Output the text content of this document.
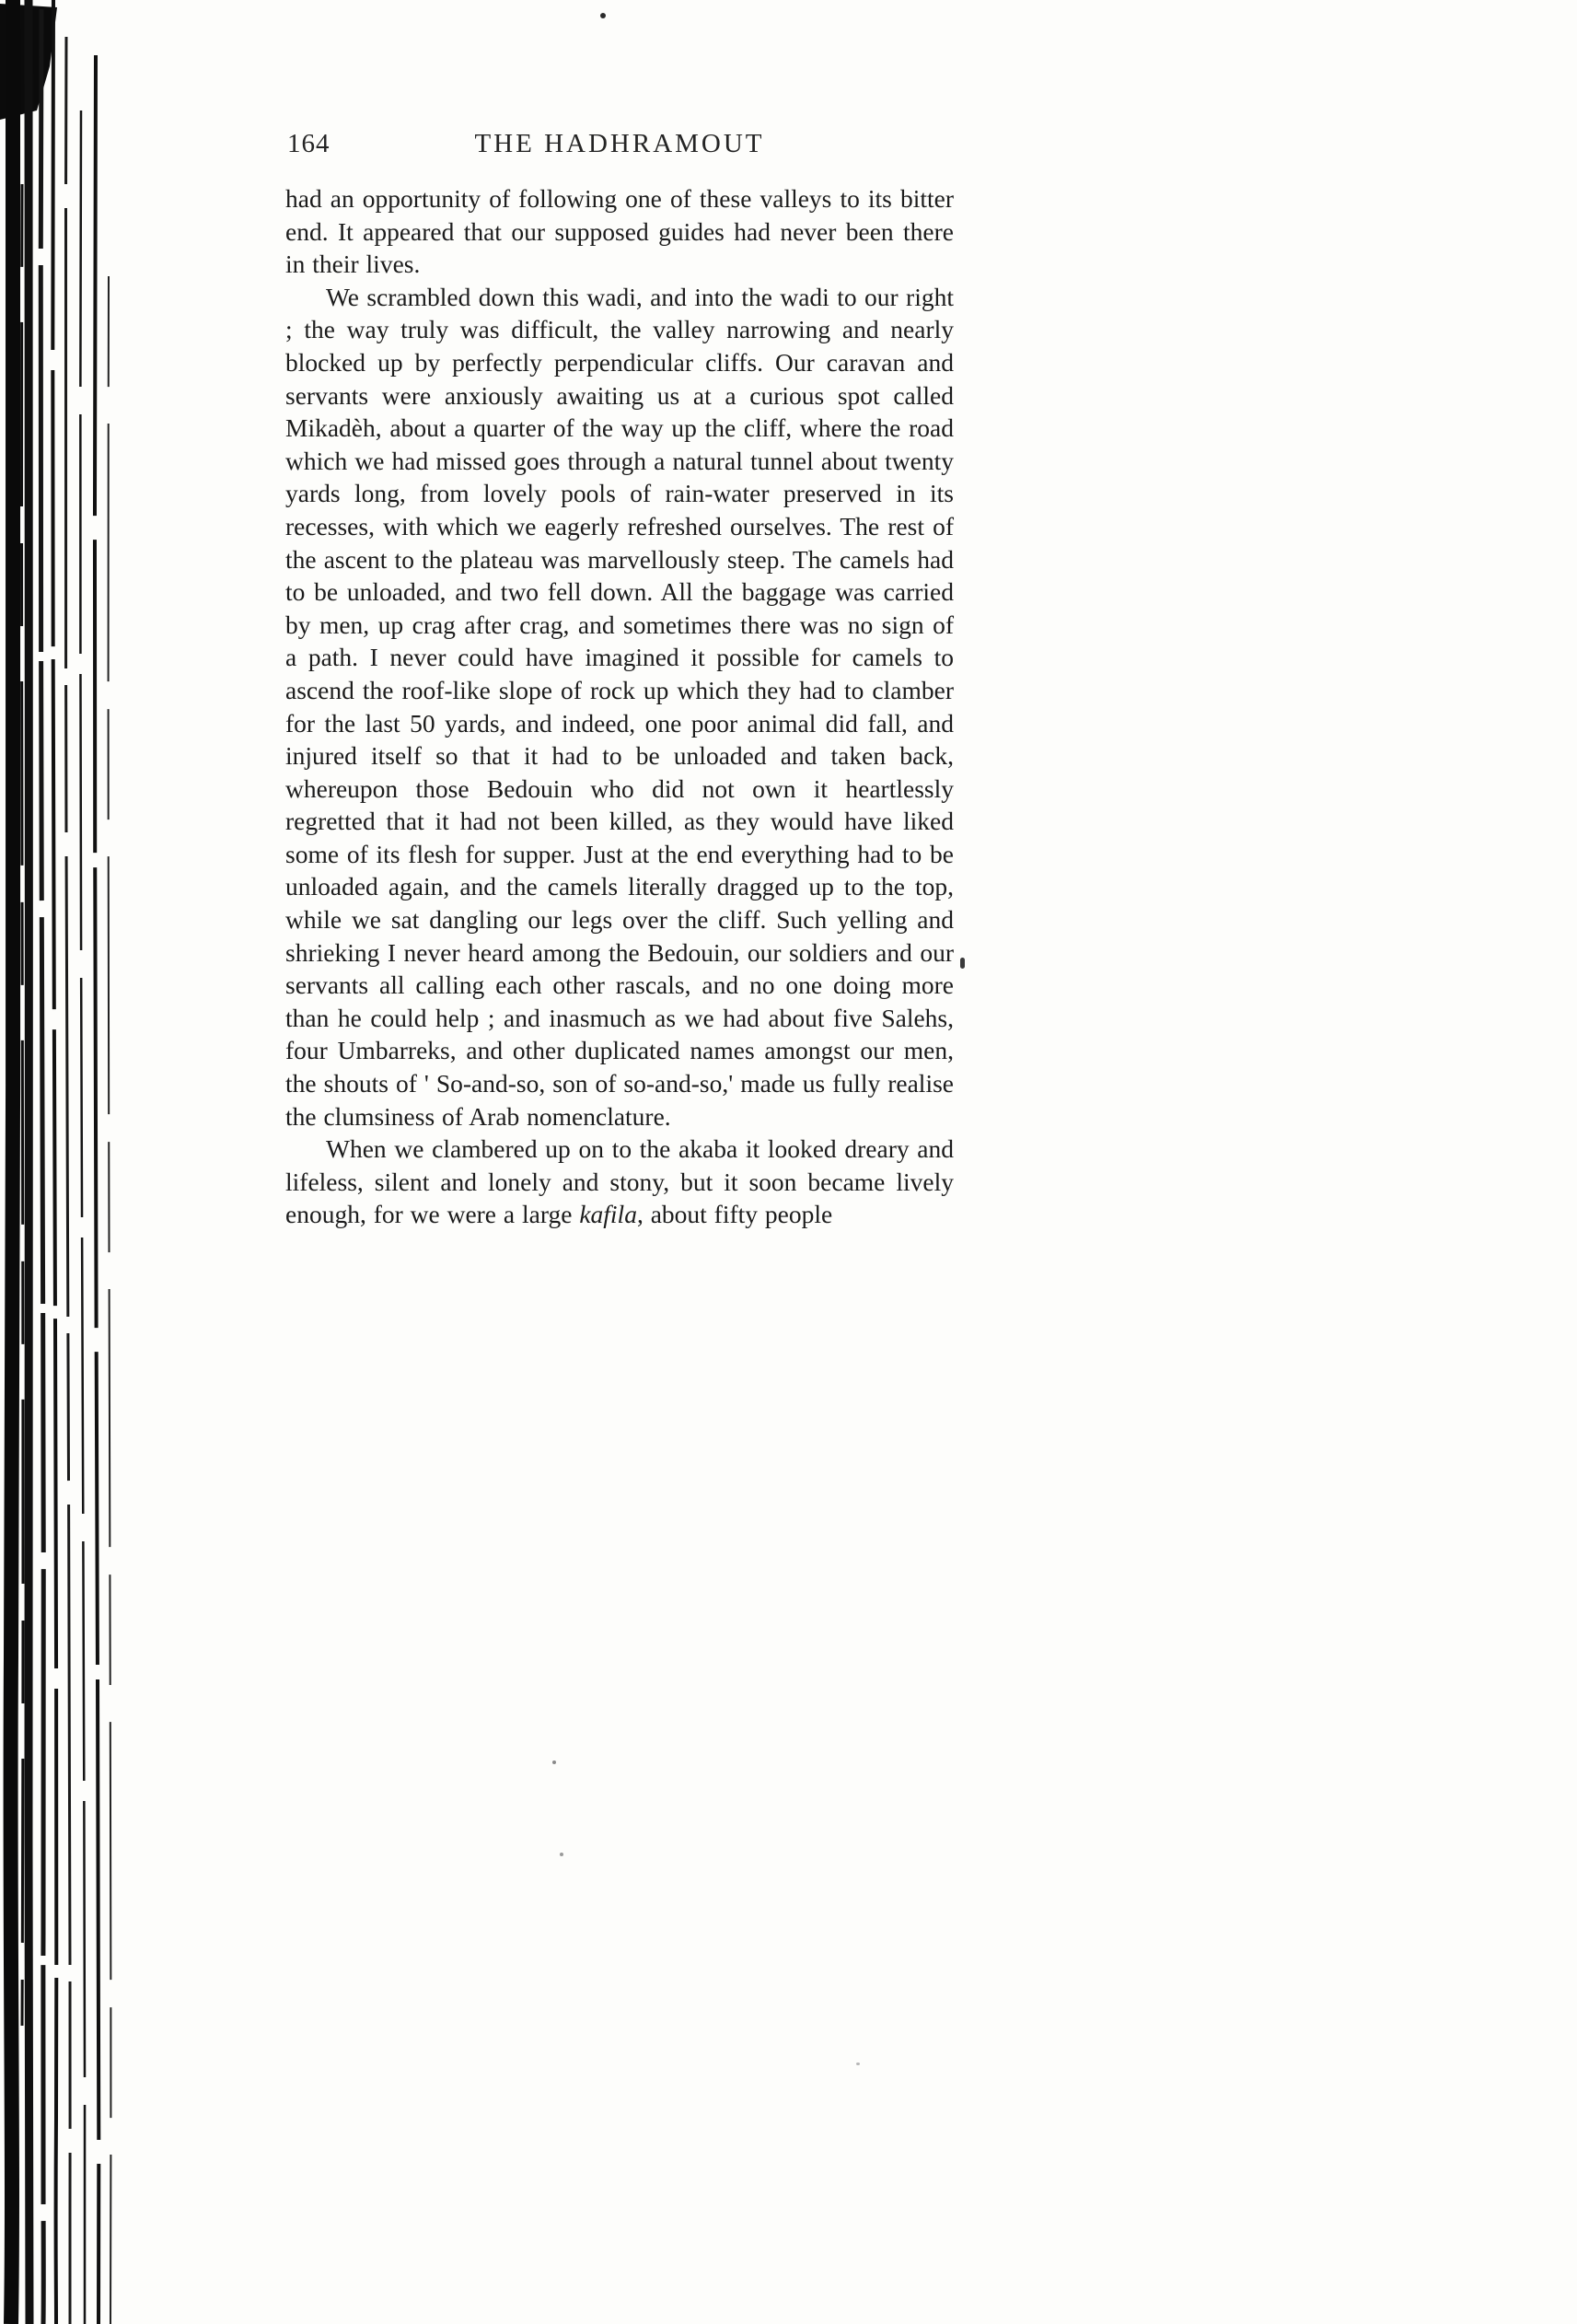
164	THE HADHRAMOUT

had an opportunity of following one of these valleys to its bitter end. It appeared that our supposed guides had never been there in their lives.

We scrambled down this wadi, and into the wadi to our right ; the way truly was difficult, the valley narrowing and nearly blocked up by perfectly perpendicular cliffs. Our caravan and servants were anxiously awaiting us at a curious spot called Mikadèh, about a quarter of the way up the cliff, where the road which we had missed goes through a natural tunnel about twenty yards long, from lovely pools of rain-water preserved in its recesses, with which we eagerly refreshed ourselves. The rest of the ascent to the plateau was marvellously steep. The camels had to be unloaded, and two fell down. All the baggage was carried by men, up crag after crag, and sometimes there was no sign of a path. I never could have imagined it possible for camels to ascend the roof-like slope of rock up which they had to clamber for the last 50 yards, and indeed, one poor animal did fall, and injured itself so that it had to be unloaded and taken back, whereupon those Bedouin who did not own it heartlessly regretted that it had not been killed, as they would have liked some of its flesh for supper. Just at the end everything had to be unloaded again, and the camels literally dragged up to the top, while we sat dangling our legs over the cliff. Such yelling and shrieking I never heard among the Bedouin, our soldiers and our servants all calling each other rascals, and no one doing more than he could help ; and inasmuch as we had about five Salehs, four Umbarreks, and other duplicated names amongst our men, the shouts of ' So-and-so, son of so-and-so,' made us fully realise the clumsiness of Arab nomenclature.

When we clambered up on to the akaba it looked dreary and lifeless, silent and lonely and stony, but it soon became lively enough, for we were a large kafila, about fifty people
